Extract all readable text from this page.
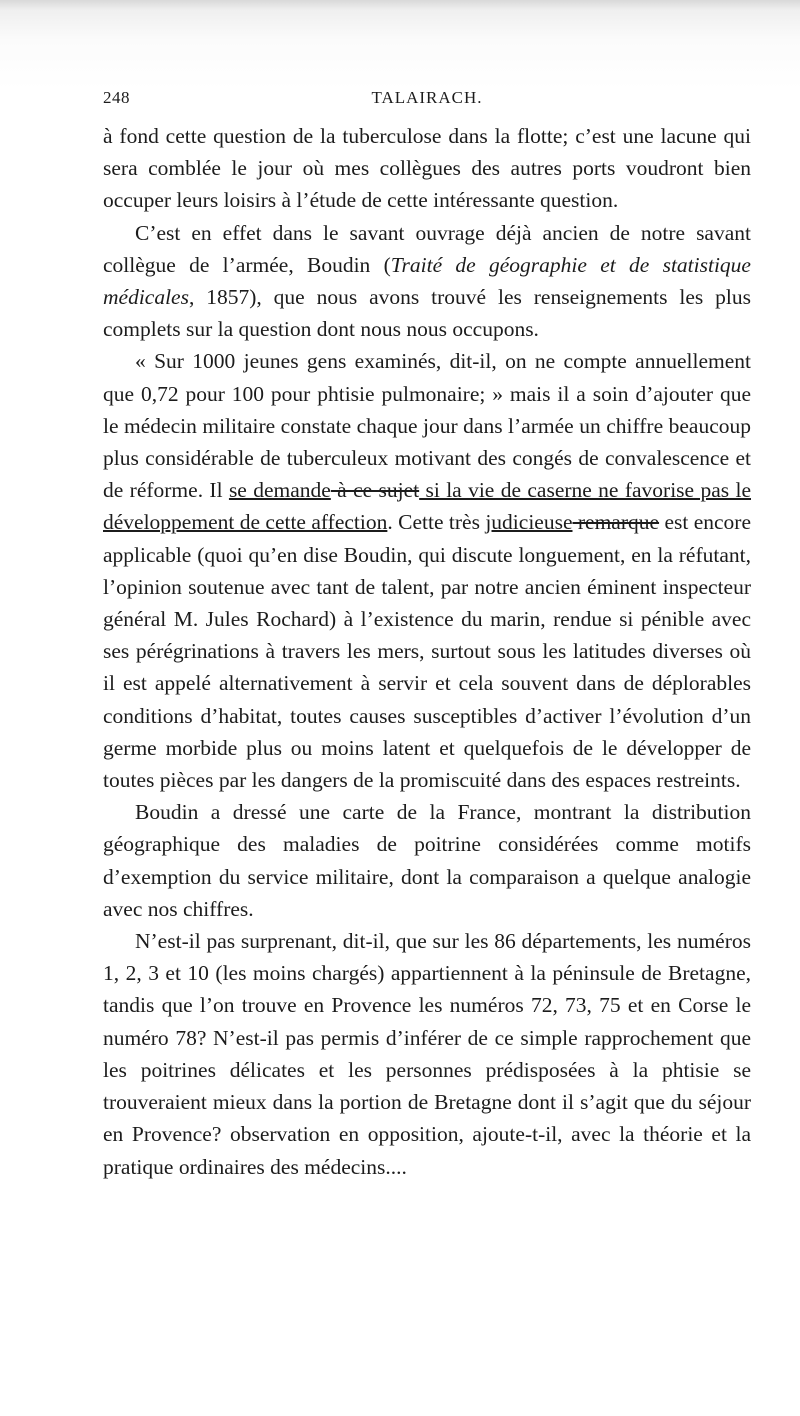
248	TALAIRACH.

à fond cette question de la tuberculose dans la flotte; c’est une lacune qui sera comblée le jour où mes collègues des autres ports voudront bien occuper leurs loisirs à l’étude de cette intéressante question.

C’est en effet dans le savant ouvrage déjà ancien de notre savant collègue de l’armée, Boudin (Traité de géographie et de statistique médicales, 1857), que nous avons trouvé les renseignements les plus complets sur la question dont nous nous occupons.

« Sur 1000 jeunes gens examinés, dit-il, on ne compte annuellement que 0,72 pour 100 pour phtisie pulmonaire; » mais il a soin d’ajouter que le médecin militaire constate chaque jour dans l’armée un chiffre beaucoup plus considérable de tuberculeux motivant des congés de convalescence et de réforme. Il se demande à ce sujet si la vie de caserne ne favorise pas le développement de cette affection. Cette très judicieuse remarque est encore applicable (quoi qu’en dise Boudin, qui discute longuement, en la réfutant, l’opinion soutenue avec tant de talent, par notre ancien éminent inspecteur général M. Jules Rochard) à l’existence du marin, rendue si pénible avec ses pérégrinations à travers les mers, surtout sous les latitudes diverses où il est appelé alternativement à servir et cela souvent dans de déplorables conditions d’habitat, toutes causes susceptibles d’activer l’évolution d’un germe morbide plus ou moins latent et quelquefois de le développer de toutes pièces par les dangers de la promiscuité dans des espaces restreints.

Boudin a dressé une carte de la France, montrant la distribution géographique des maladies de poitrine considérées comme motifs d’exemption du service militaire, dont la comparaison a quelque analogie avec nos chiffres.

N’est-il pas surprenant, dit-il, que sur les 86 départements, les numéros 1, 2, 3 et 10 (les moins chargés) appartiennent à la péninsule de Bretagne, tandis que l’on trouve en Provence les numéros 72, 73, 75 et en Corse le numéro 78? N’est-il pas permis d’inférer de ce simple rapprochement que les poitrines délicates et les personnes prédisposées à la phtisie se trouveraient mieux dans la portion de Bretagne dont il s’agit que du séjour en Provence? observation en opposition, ajoute-t-il, avec la théorie et la pratique ordinaires des médecins....
